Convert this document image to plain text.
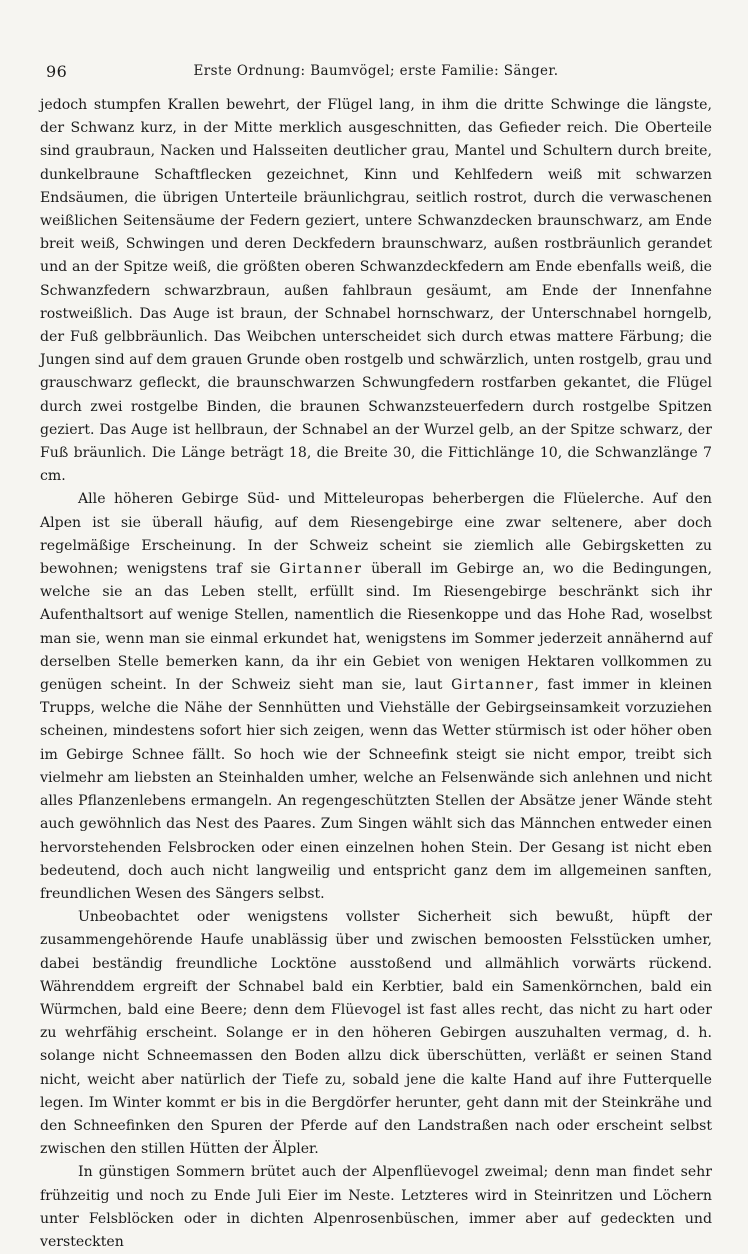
96	Erste Ordnung: Baumvögel; erste Familie: Sänger.

jedoch stumpfen Krallen bewehrt, der Flügel lang, in ihm die dritte Schwinge die längste, der Schwanz kurz, in der Mitte merklich ausgeschnitten, das Gefieder reich. Die Oberteile sind graubraun, Nacken und Halsseiten deutlicher grau, Mantel und Schultern durch breite, dunkelbraune Schaftflecken gezeichnet, Kinn und Kehlfedern weiß mit schwarzen Endsäumen, die übrigen Unterteile bräunlichgrau, seitlich rostrot, durch die verwaschenen weißlichen Seitensäume der Federn geziert, untere Schwanzdecken braunschwarz, am Ende breit weiß, Schwingen und deren Deckfedern braunschwarz, außen rostbräunlich gerandet und an der Spitze weiß, die größten oberen Schwanzdeckfedern am Ende ebenfalls weiß, die Schwanzfedern schwarzbraun, außen fahlbraun gesäumt, am Ende der Innenfahne rostweißlich. Das Auge ist braun, der Schnabel hornschwarz, der Unterschnabel horngelb, der Fuß gelbbräunlich. Das Weibchen unterscheidet sich durch etwas mattere Färbung; die Jungen sind auf dem grauen Grunde oben rostgelb und schwärzlich, unten rostgelb, grau und grauschwarz gefleckt, die braunschwarzen Schwungfedern rostfarben gekantet, die Flügel durch zwei rostgelbe Binden, die braunen Schwanzsteuerfedern durch rostgelbe Spitzen geziert. Das Auge ist hellbraun, der Schnabel an der Wurzel gelb, an der Spitze schwarz, der Fuß bräunlich. Die Länge beträgt 18, die Breite 30, die Fittichlänge 10, die Schwanzlänge 7 cm.

Alle höheren Gebirge Süd- und Mitteleuropas beherbergen die Flüelerche. Auf den Alpen ist sie überall häufig, auf dem Riesengebirge eine zwar seltenere, aber doch regelmäßige Erscheinung. In der Schweiz scheint sie ziemlich alle Gebirgsketten zu bewohnen; wenigstens traf sie Girtanner überall im Gebirge an, wo die Bedingungen, welche sie an das Leben stellt, erfüllt sind. Im Riesengebirge beschränkt sich ihr Aufenthaltsort auf wenige Stellen, namentlich die Riesenkoppe und das Hohe Rad, woselbst man sie, wenn man sie einmal erkundet hat, wenigstens im Sommer jederzeit annähernd auf derselben Stelle bemerken kann, da ihr ein Gebiet von wenigen Hektaren vollkommen zu genügen scheint. In der Schweiz sieht man sie, laut Girtanner, fast immer in kleinen Trupps, welche die Nähe der Sennhütten und Viehställe der Gebirgseinsamkeit vorzuziehen scheinen, mindestens sofort hier sich zeigen, wenn das Wetter stürmisch ist oder höher oben im Gebirge Schnee fällt. So hoch wie der Schneefink steigt sie nicht empor, treibt sich vielmehr am liebsten an Steinhalden umher, welche an Felsenwände sich anlehnen und nicht alles Pflanzenlebens ermangeln. An regengeschützten Stellen der Absätze jener Wände steht auch gewöhnlich das Nest des Paares. Zum Singen wählt sich das Männchen entweder einen hervorstehenden Felsbrocken oder einen einzelnen hohen Stein. Der Gesang ist nicht eben bedeutend, doch auch nicht langweilig und entspricht ganz dem im allgemeinen sanften, freundlichen Wesen des Sängers selbst.

Unbeobachtet oder wenigstens vollster Sicherheit sich bewußt, hüpft der zusammengehörende Haufe unablässig über und zwischen bemoosten Felsstücken umher, dabei beständig freundliche Locktöne ausstoßend und allmählich vorwärts rückend. Währenddem ergreift der Schnabel bald ein Kerbtier, bald ein Samenkörnchen, bald ein Würmchen, bald eine Beere; denn dem Flüevogel ist fast alles recht, das nicht zu hart oder zu wehrfähig erscheint. Solange er in den höheren Gebirgen auszuhalten vermag, d. h. solange nicht Schneemassen den Boden allzu dick überschütten, verläßt er seinen Stand nicht, weicht aber natürlich der Tiefe zu, sobald jene die kalte Hand auf ihre Futterquelle legen. Im Winter kommt er bis in die Bergdörfer herunter, geht dann mit der Steinkrähe und den Schneefinken den Spuren der Pferde auf den Landstraßen nach oder erscheint selbst zwischen den stillen Hütten der Älpler.

In günstigen Sommern brütet auch der Alpenflüevogel zweimal; denn man findet sehr frühzeitig und noch zu Ende Juli Eier im Neste. Letzteres wird in Steinritzen und Löchern unter Felsblöcken oder in dichten Alpenrosenbüschen, immer aber auf gedeckten und versteckten
